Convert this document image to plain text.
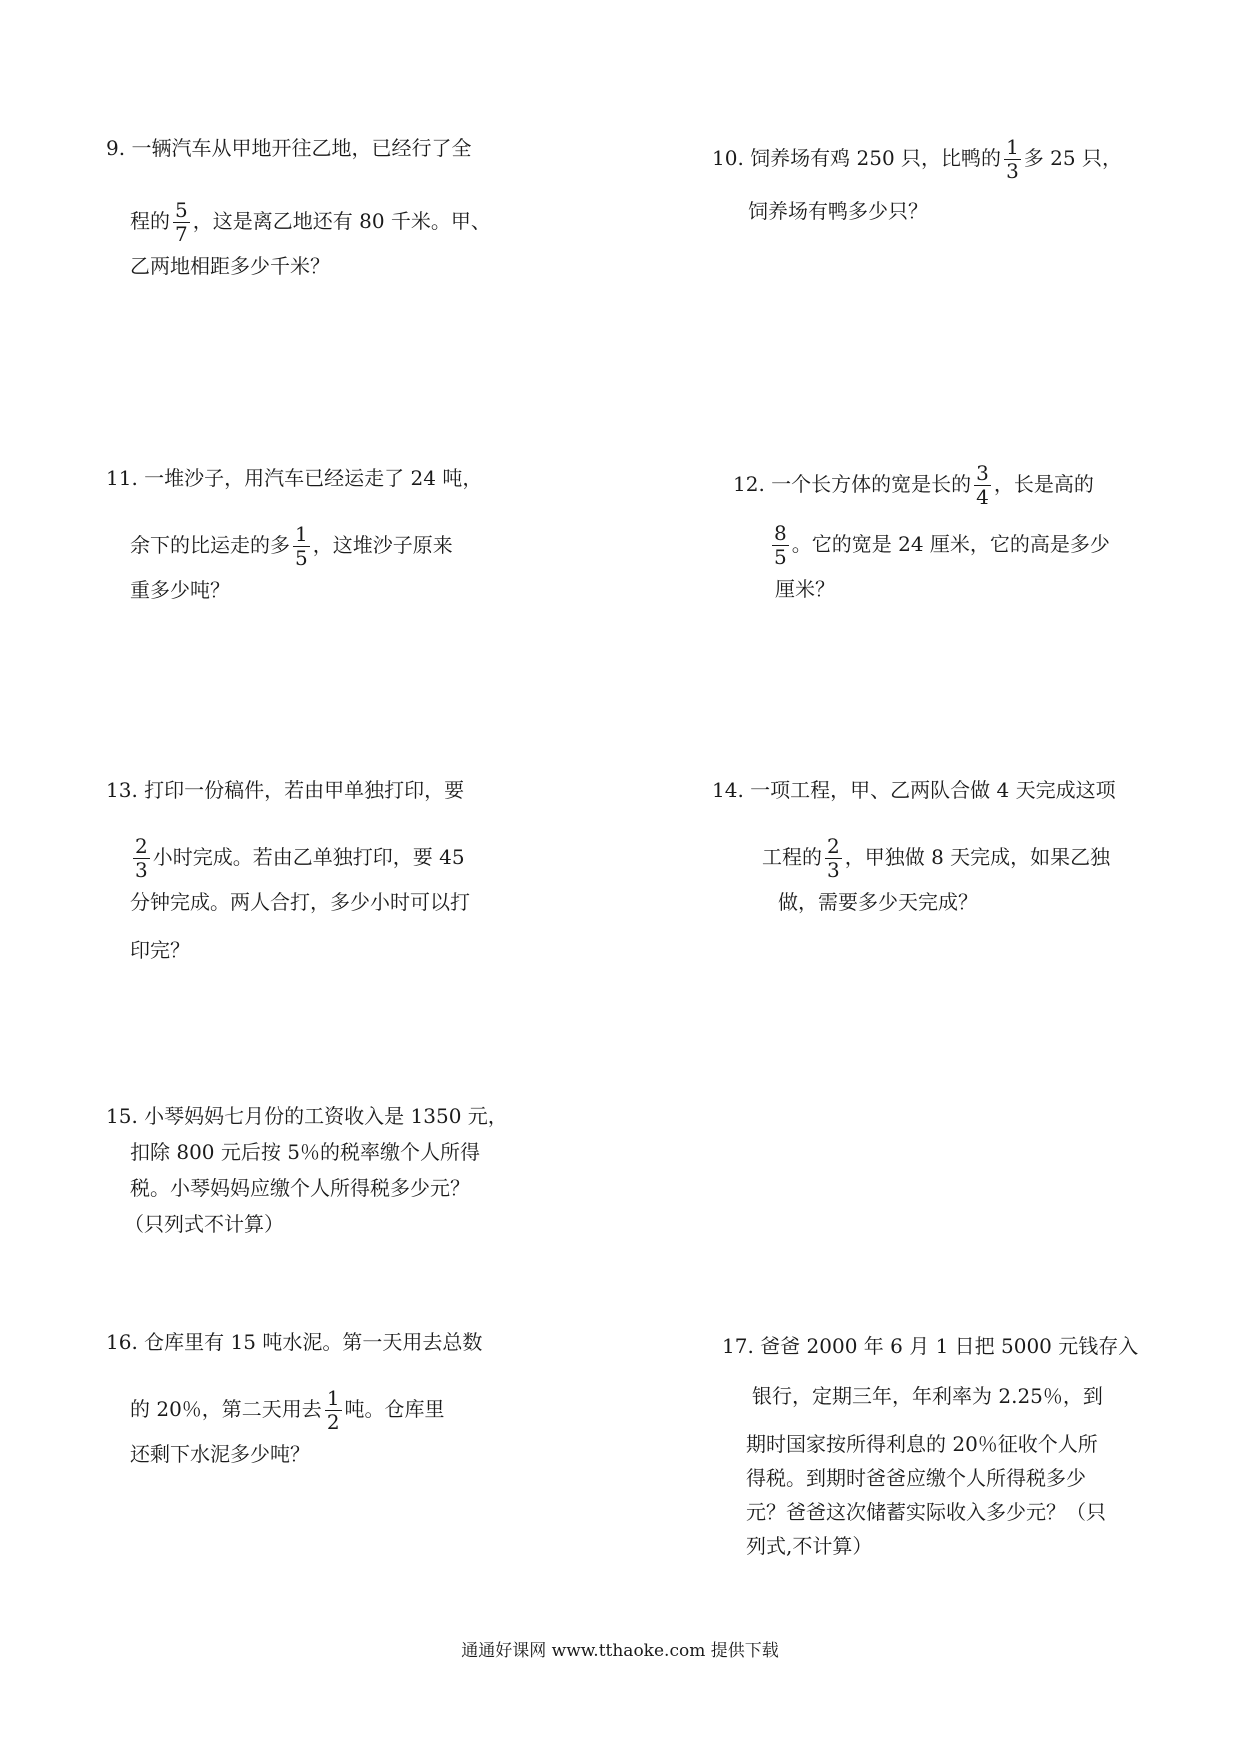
9. 一辆汽车从甲地开往乙地，已经行了全
程的 $\frac{5}{7}$ ，这是离乙地还有 80 千米。甲、
乙两地相距多少千米？
10. 饲养场有鸡 250 只，比鸭的 $\frac{1}{3}$ 多 25 只，
饲养场有鸭多少只？
11. 一堆沙子，用汽车已经运走了 24 吨，
余下的比运走的多 $\frac{1}{5}$ ，这堆沙子原来
重多少吨？
12. 一个长方体的宽是长的 $\frac{3}{4}$ ，长是高的
$\frac{8}{5}$ 。它的宽是 24 厘米，它的高是多少
厘米？
13. 打印一份稿件，若由甲单独打印，要
$\frac{2}{3}$ 小时完成。若由乙单独打印，要 45
分钟完成。两人合打，多少小时可以打
印完？
14. 一项工程，甲、乙两队合做 4 天完成这项
工程的 $\frac{2}{3}$ ，甲独做 8 天完成，如果乙独
做，需要多少天完成？
15. 小琴妈妈七月份的工资收入是 1350 元，
扣除 800 元后按 5％的税率缴个人所得
税。小琴妈妈应缴个人所得税多少元？
（只列式不计算）
16. 仓库里有 15 吨水泥。第一天用去总数
的 20％，第二天用去 $\frac{1}{2}$ 吨。仓库里
还剩下水泥多少吨？
17. 爸爸 2000 年 6 月 1 日把 5000 元钱存入
银行，定期三年，年利率为 2.25％，到
期时国家按所得利息的 20％征收个人所
得税。到期时爸爸应缴个人所得税多少
元？爸爸这次储蓄实际收入多少元？（只
列式,不计算）
通通好课网 www.tthaoke.com 提供下载
